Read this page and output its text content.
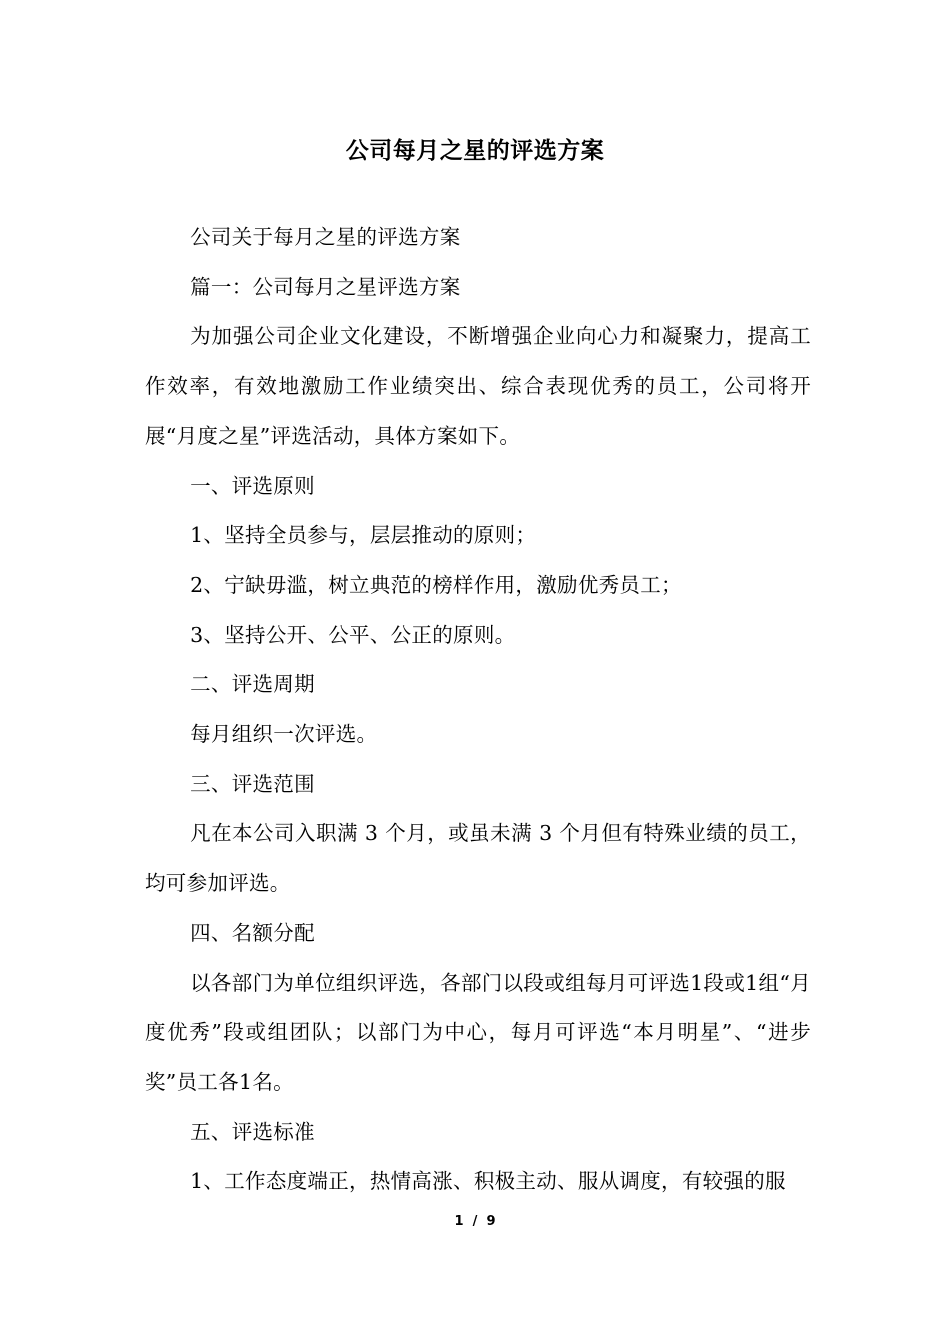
公司每月之星的评选方案

公司关于每月之星的评选方案

篇一：公司每月之星评选方案

为加强公司企业文化建设，不断增强企业向心力和凝聚力，提高工作效率，有效地激励工作业绩突出、综合表现优秀的员工，公司将开展“月度之星”评选活动，具体方案如下。

一、评选原则

1、坚持全员参与，层层推动的原则；

2、宁缺毋滥，树立典范的榜样作用，激励优秀员工；

3、坚持公开、公平、公正的原则。

二、评选周期

每月组织一次评选。

三、评选范围

凡在本公司入职满 3 个月，或虽未满 3 个月但有特殊业绩的员工，均可参加评选。

四、名额分配

以各部门为单位组织评选，各部门以段或组每月可评选1段或1组“月度优秀”段或组团队；以部门为中心，每月可评选“本月明星”、“进步奖”员工各1名。

五、评选标准

1、工作态度端正，热情高涨、积极主动、服从调度，有较强的服

1 / 9
